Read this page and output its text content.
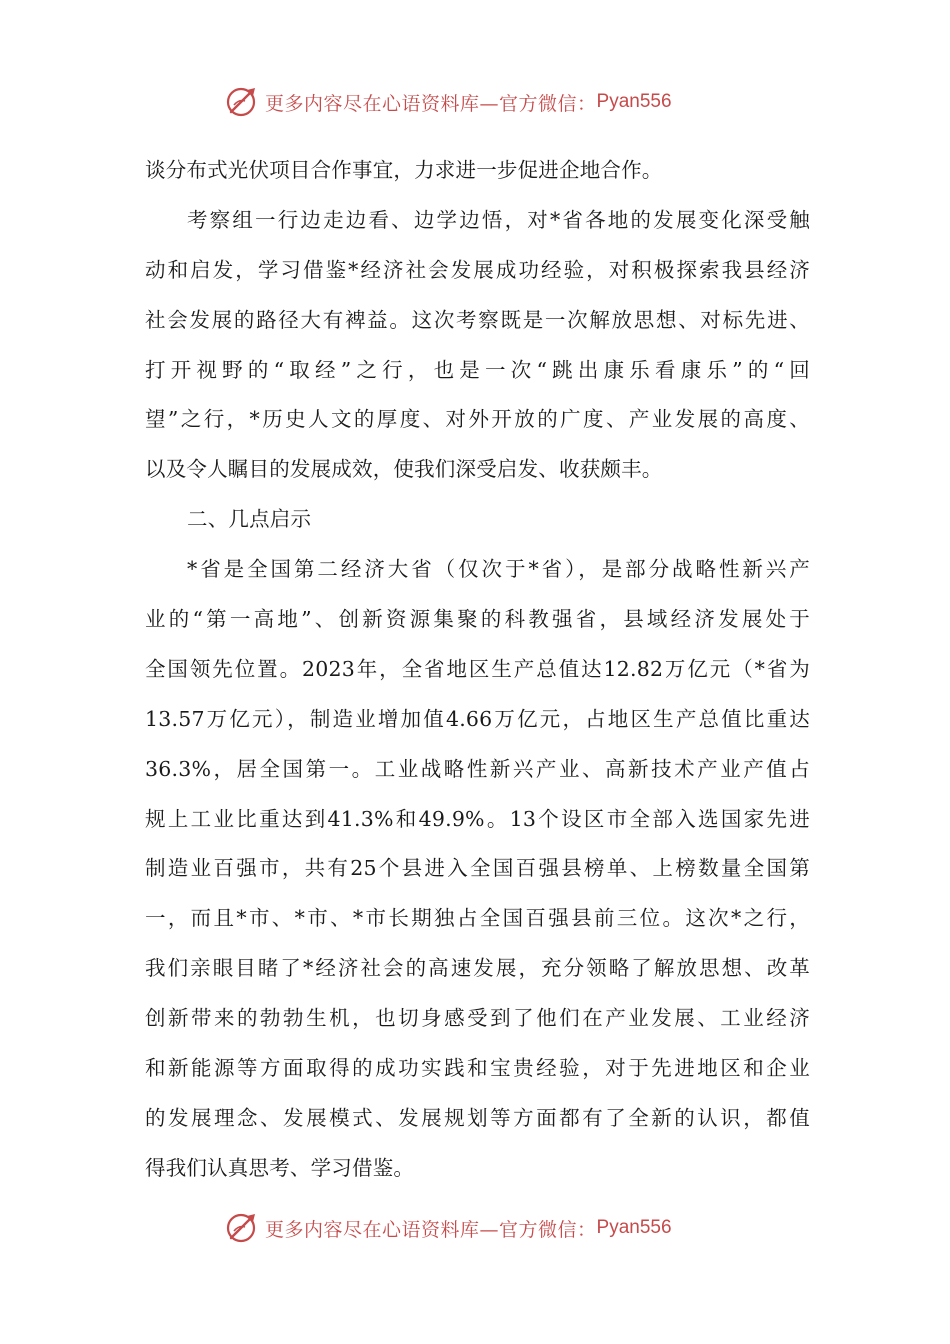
更多内容尽在心语资料库—官方微信： Pyan556
谈分布式光伏项目合作事宜，力求进一步促进企地合作。
考察组一行边走边看、边学边悟，对*省各地的发展变化深受触
动和启发，学习借鉴*经济社会发展成功经验，对积极探索我县经济
社会发展的路径大有裨益。这次考察既是一次解放思想、对标先进、
打开视野的“取经”之行，也是一次“跳出康乐看康乐”的“回
望”之行，*历史人文的厚度、对外开放的广度、产业发展的高度、
以及令人瞩目的发展成效，使我们深受启发、收获颇丰。
二、几点启示
*省是全国第二经济大省（仅次于*省），是部分战略性新兴产
业的“第一高地”、创新资源集聚的科教强省，县域经济发展处于
全国领先位置。2023年，全省地区生产总值达12.82万亿元（*省为
13.57万亿元），制造业增加值4.66万亿元，占地区生产总值比重达
36.3%，居全国第一。工业战略性新兴产业、高新技术产业产值占
规上工业比重达到41.3%和49.9%。13个设区市全部入选国家先进
制造业百强市，共有25个县进入全国百强县榜单、上榜数量全国第
一，而且*市、*市、*市长期独占全国百强县前三位。这次*之行，
我们亲眼目睹了*经济社会的高速发展，充分领略了解放思想、改革
创新带来的勃勃生机，也切身感受到了他们在产业发展、工业经济
和新能源等方面取得的成功实践和宝贵经验，对于先进地区和企业
的发展理念、发展模式、发展规划等方面都有了全新的认识，都值
得我们认真思考、学习借鉴。
更多内容尽在心语资料库—官方微信： Pyan556
